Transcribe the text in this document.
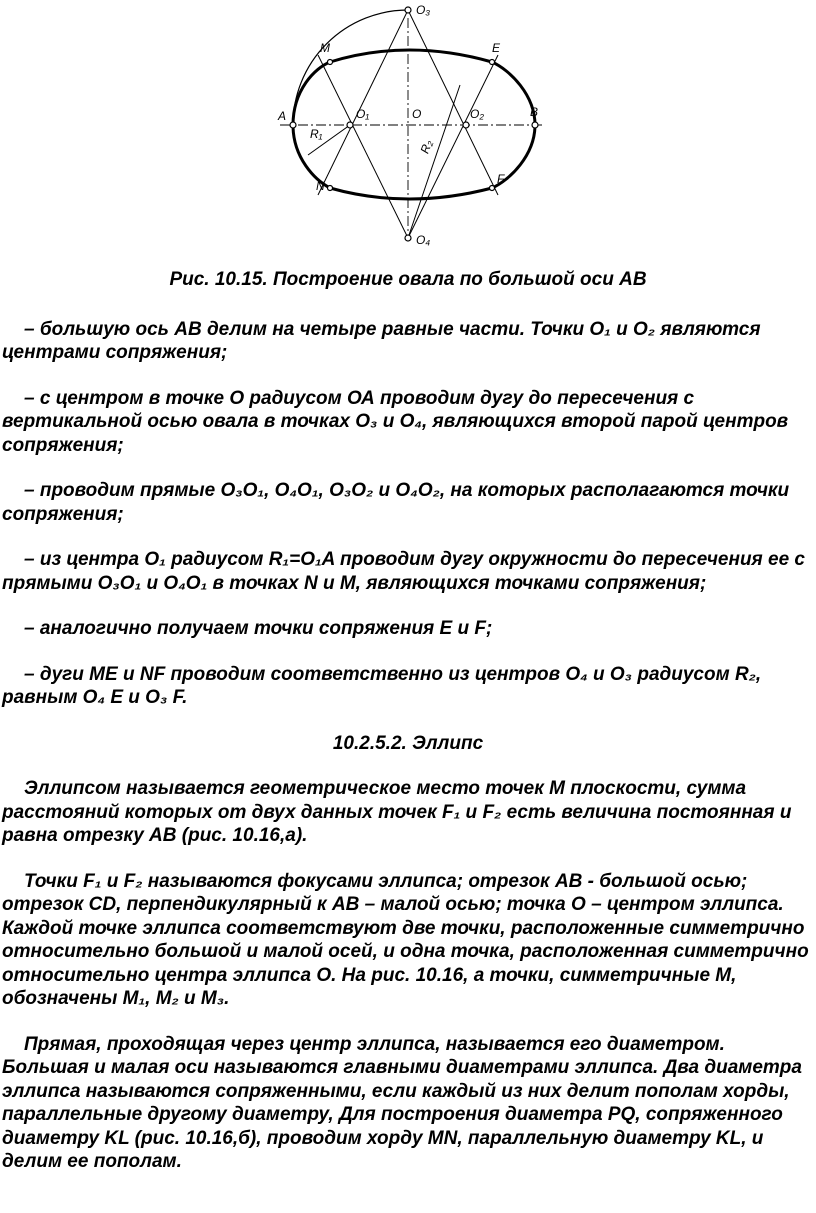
O₃
M	E
A	O₁	O	O₂	B
R₁
R₂
N	F
O₄
Рис. 10.15. Построение овала по большой оси АВ
– большую ось АВ делим на четыре равные части. Точки О₁ и О₂ являются центрами сопряжения;
– с центром в точке О радиусом ОА проводим дугу до пересечения с вертикальной осью овала в точках О₃ и О₄, являющихся второй парой центров сопряжения;
– проводим прямые О₃О₁, О₄О₁, О₃О₂ и О₄О₂, на которых располагаются точки сопряжения;
– из центра О₁ радиусом R₁=O₁A проводим дугу окружности до пересечения ее с прямыми О₃О₁ и О₄О₁ в точках N и М, являющихся точками сопряжения;
– аналогично получаем точки сопряжения Е и F;
– дуги МЕ и NF проводим соответственно из центров О₄ и О₃ радиусом R₂, равным О₄ E и O₃ F.
10.2.5.2. Эллипс
Эллипсом называется геометрическое место точек М плоскости, сумма расстояний которых от двух данных точек F₁ и F₂ есть величина постоянная и равна отрезку АВ (рис. 10.16,а).
Точки F₁ и F₂ называются фокусами эллипса; отрезок АВ - большой осью; отрезок CD, перпендикулярный к АВ – малой осью; точка О – центром эллипса. Каждой точке эллипса соответствуют две точки, расположенные симметрично относительно большой и малой осей, и одна точка, расположенная симметрично относительно центра эллипса О. На рис. 10.16, а точки, симметричные М, обозначены М₁, М₂ и М₃.
Прямая, проходящая через центр эллипса, называется его диаметром. Большая и малая оси называются главными диаметрами эллипса. Два диаметра эллипса называются сопряженными, если каждый из них делит пополам хорды, параллельные другому диаметру, Для построения диаметра PQ, сопряженного диаметру KL (рис. 10.16,б), проводим хорду MN, параллельную диаметру KL, и делим ее пополам.
